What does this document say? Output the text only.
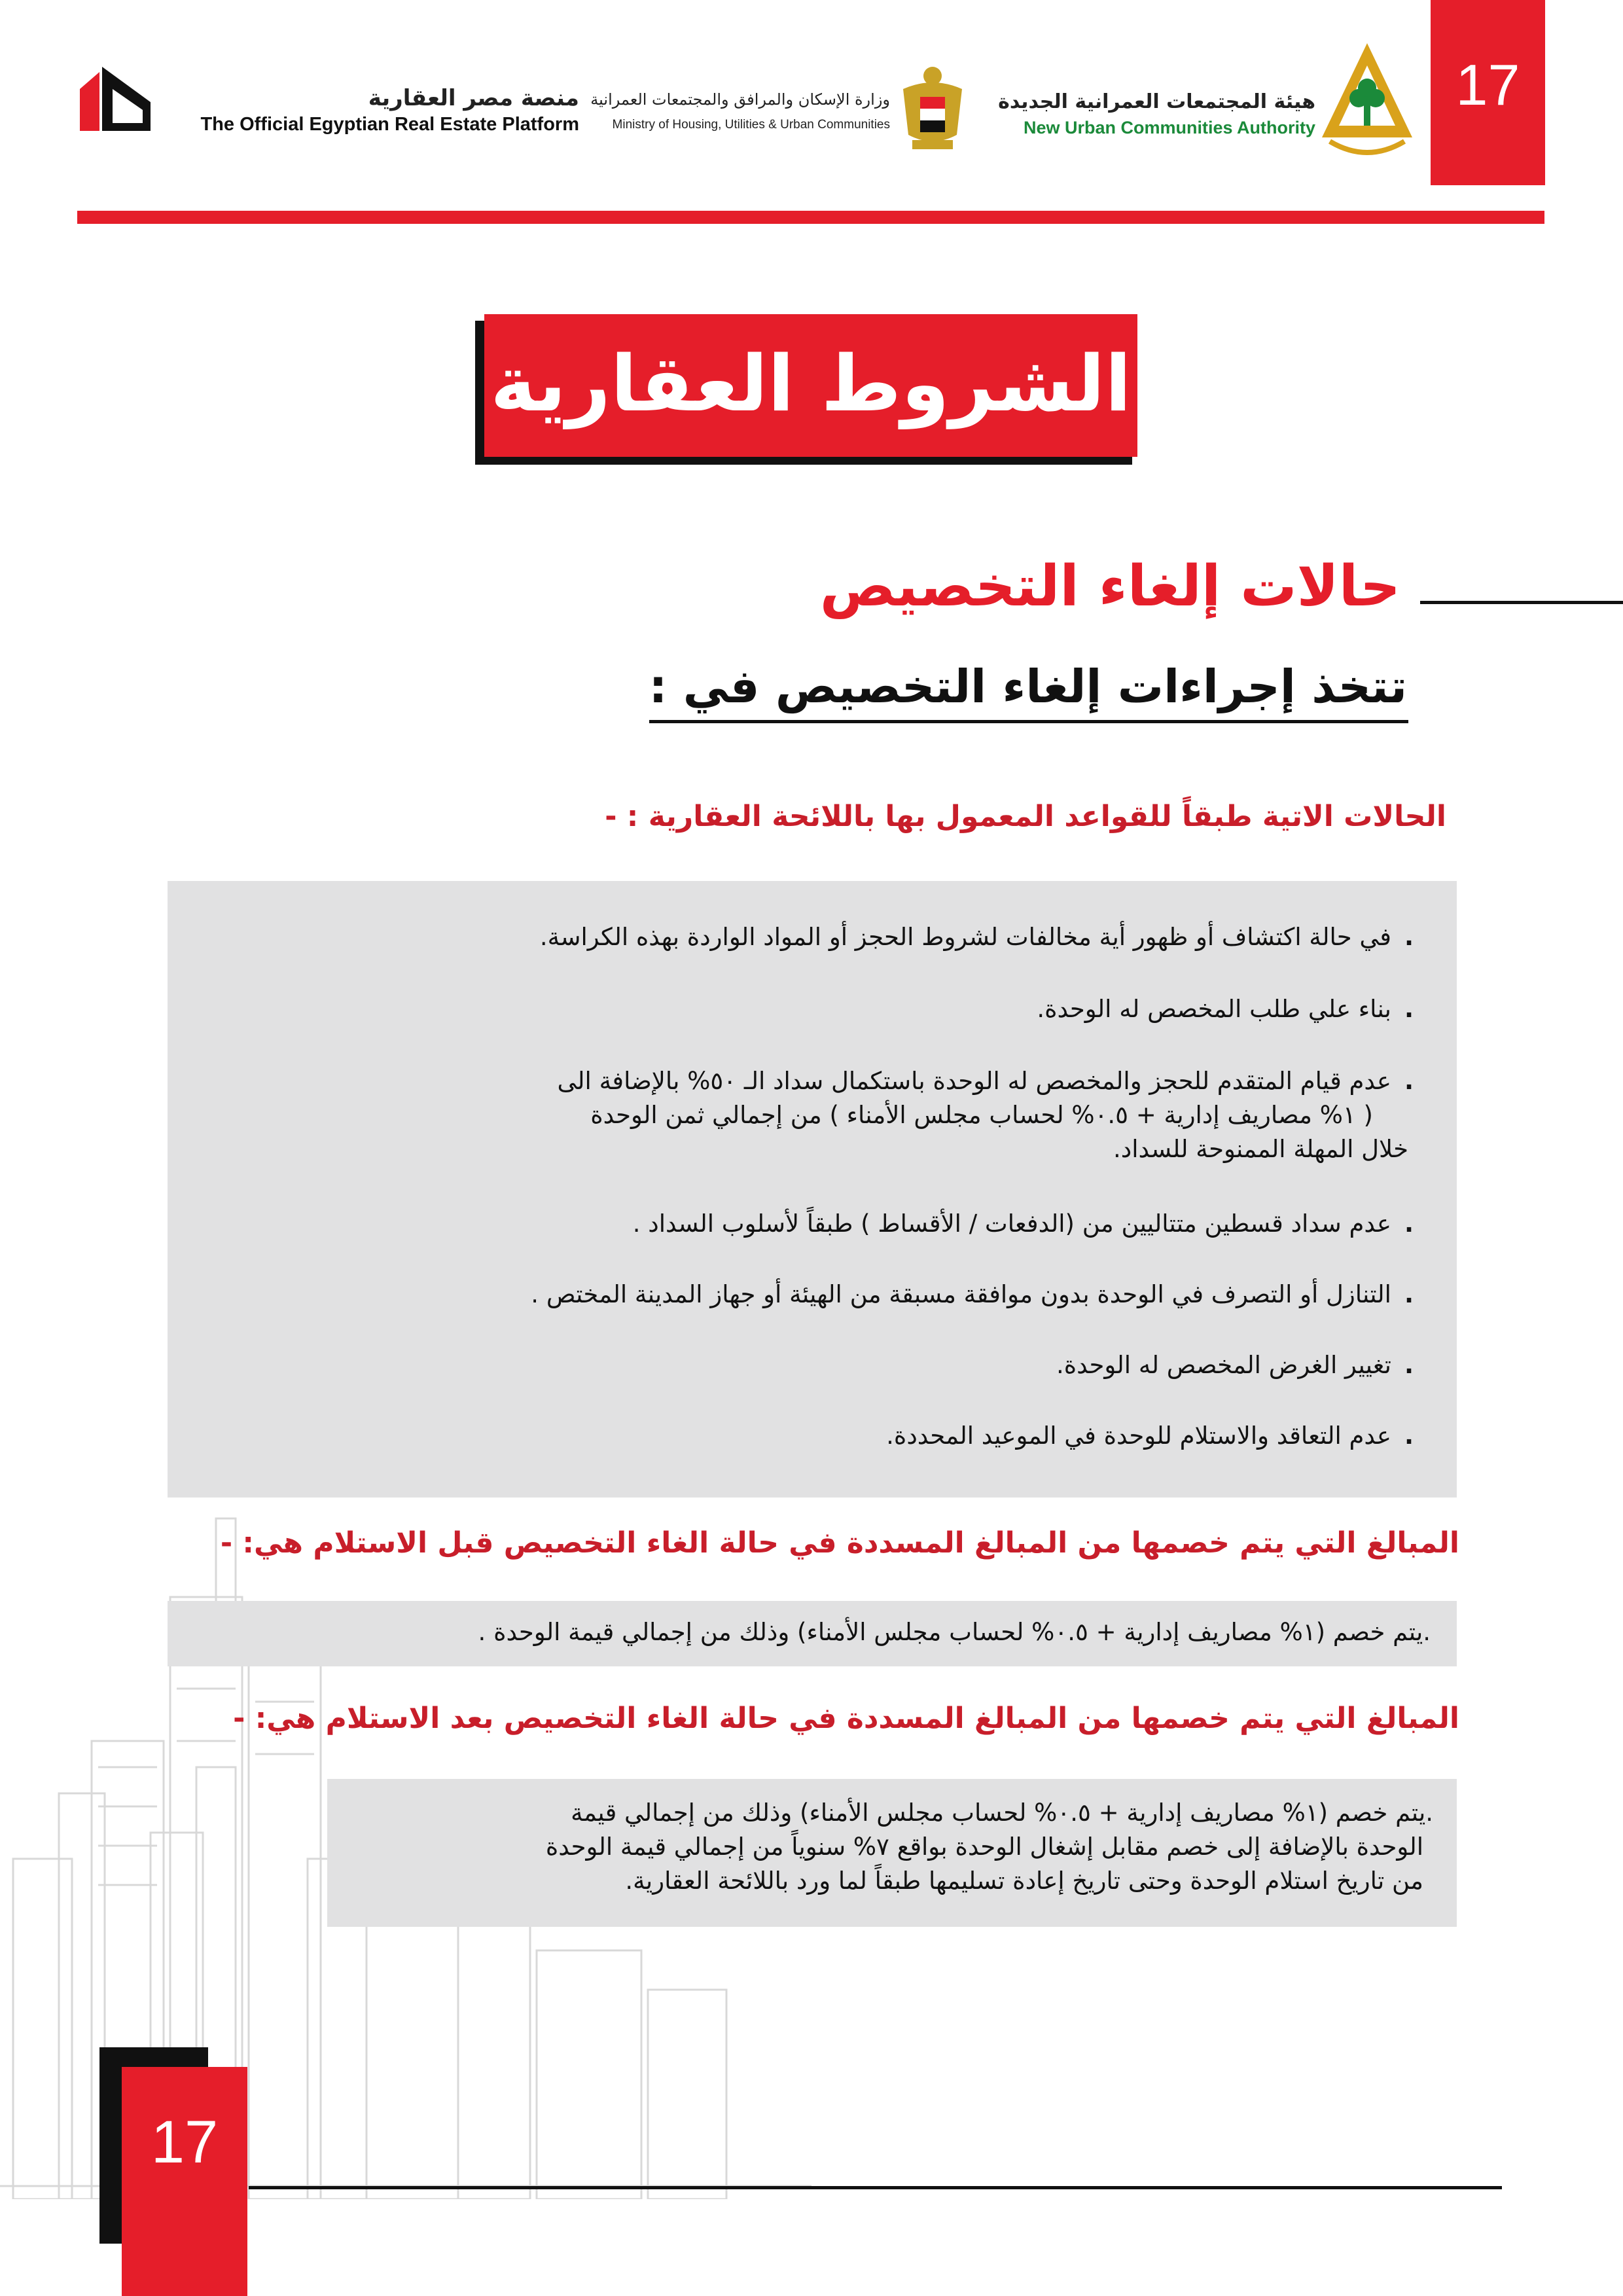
17
منصة مصر العقارية
The Official Egyptian Real Estate Platform
وزارة الإسكان والمرافق والمجتمعات العمرانية
Ministry of Housing, Utilities & Urban Communities
هيئة المجتمعات العمرانية الجديدة
New Urban Communities Authority
الشروط العقارية
حالات إلغاء التخصيص
تتخذ إجراءات إلغاء التخصيص في :
الحالات الاتية طبقاً للقواعد المعمول بها باللائحة العقارية : -
.في حالة اكتشاف أو ظهور أية مخالفات لشروط الحجز أو المواد الواردة بهذه الكراسة.
.بناء علي طلب المخصص له الوحدة.
.عدم قيام المتقدم للحجز والمخصص له الوحدة باستكمال سداد الـ ٥٠% بالإضافة الى
( ١% مصاريف إدارية + ٠.٥% لحساب مجلس الأمناء ) من إجمالي ثمن الوحدة
خلال المهلة الممنوحة للسداد.
.عدم سداد قسطين متتاليين من (الدفعات / الأقساط ) طبقاً لأسلوب السداد .
.التنازل أو التصرف في الوحدة بدون موافقة مسبقة من الهيئة أو جهاز المدينة المختص .
.تغيير الغرض المخصص له الوحدة.
.عدم التعاقد والاستلام للوحدة في الموعيد المحددة.
المبالغ التي يتم خصمها من المبالغ المسددة في حالة الغاء التخصيص قبل الاستلام هي: -
.يتم خصم (١% مصاريف إدارية + ٠.٥% لحساب مجلس الأمناء) وذلك من إجمالي قيمة الوحدة .
المبالغ التي يتم خصمها من المبالغ المسددة في حالة الغاء التخصيص بعد الاستلام هي: -
.يتم خصم (١% مصاريف إدارية + ٠.٥% لحساب مجلس الأمناء) وذلك من إجمالي قيمة
الوحدة بالإضافة إلى خصم مقابل إشغال الوحدة بواقع ٧% سنوياً من إجمالي قيمة الوحدة
من تاريخ استلام الوحدة وحتى تاريخ إعادة تسليمها طبقاً لما ورد باللائحة العقارية.
17
